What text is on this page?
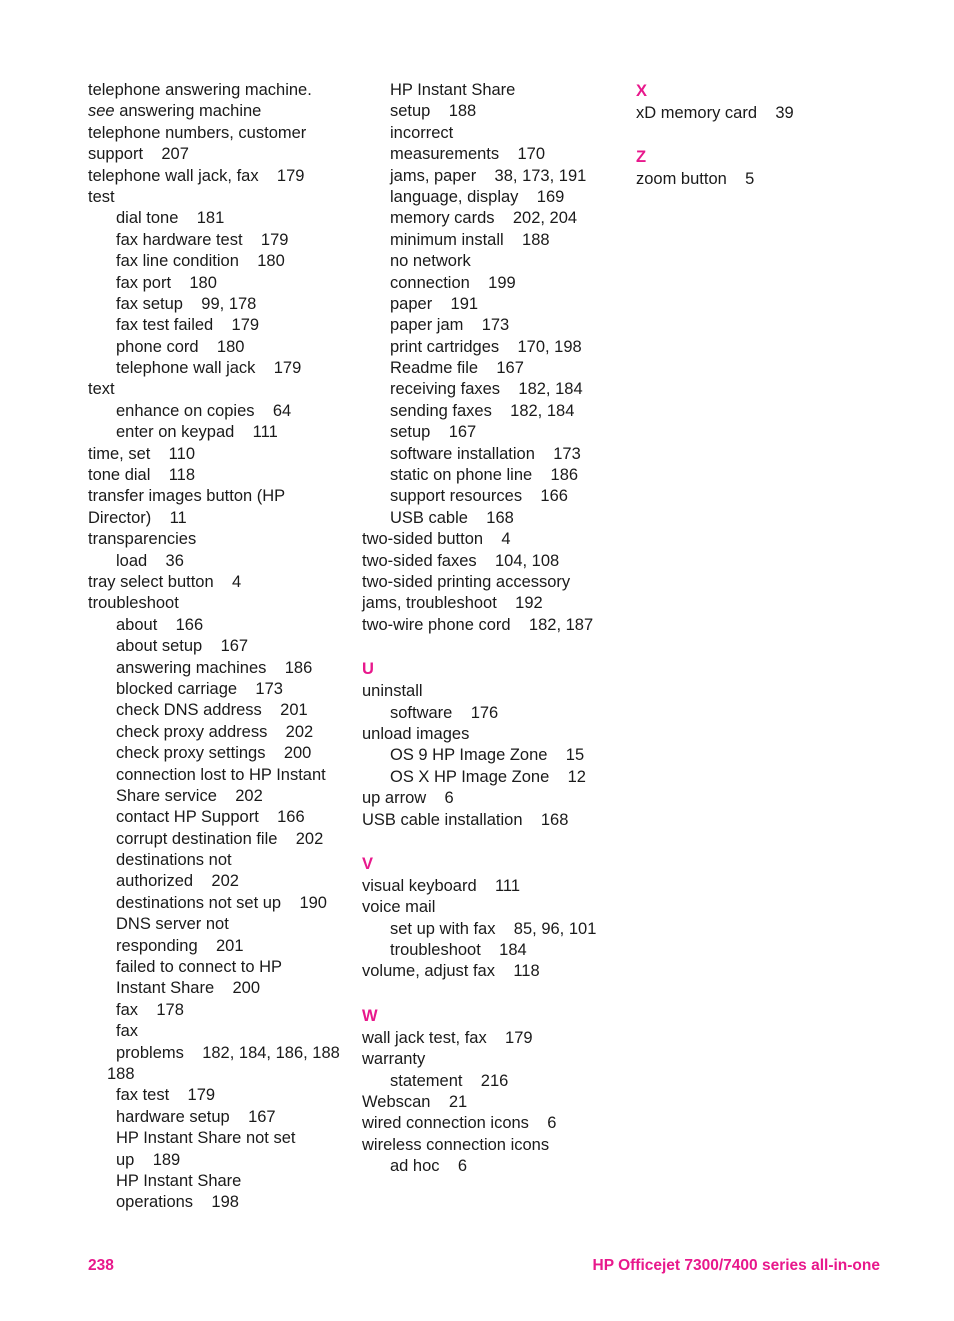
telephone answering machine.
see answering machine
telephone numbers, customer
support    207
telephone wall jack, fax    179
test
dial tone    181
fax hardware test    179
fax line condition    180
fax port    180
fax setup    99, 178
fax test failed    179
phone cord    180
telephone wall jack    179
text
enhance on copies    64
enter on keypad    111
time, set    110
tone dial    118
transfer images button (HP
Director)    11
transparencies
load    36
tray select button    4
troubleshoot
about    166
about setup    167
answering machines    186
blocked carriage    173
check DNS address    201
check proxy address    202
check proxy settings    200
connection lost to HP Instant
Share service    202
contact HP Support    166
corrupt destination file    202
destinations not
authorized    202
destinations not set up    190
DNS server not
responding    201
failed to connect to HP
Instant Share    200
fax    178
fax
problems    182, 184, 186, 188
188
fax test    179
hardware setup    167
HP Instant Share not set
up    189
HP Instant Share
operations    198
HP Instant Share
setup    188
incorrect
measurements    170
jams, paper    38, 173, 191
language, display    169
memory cards    202, 204
minimum install    188
no network
connection    199
paper    191
paper jam    173
print cartridges    170, 198
Readme file    167
receiving faxes    182, 184
sending faxes    182, 184
setup    167
software installation    173
static on phone line    186
support resources    166
USB cable    168
two-sided button    4
two-sided faxes    104, 108
two-sided printing accessory
jams, troubleshoot    192
two-wire phone cord    182, 187
U
uninstall
software    176
unload images
OS 9 HP Image Zone    15
OS X HP Image Zone    12
up arrow    6
USB cable installation    168
V
visual keyboard    111
voice mail
set up with fax    85, 96, 101
troubleshoot    184
volume, adjust fax    118
W
wall jack test, fax    179
warranty
statement    216
Webscan    21
wired connection icons    6
wireless connection icons
ad hoc    6
X
xD memory card    39
Z
zoom button    5
238	HP Officejet 7300/7400 series all-in-one
